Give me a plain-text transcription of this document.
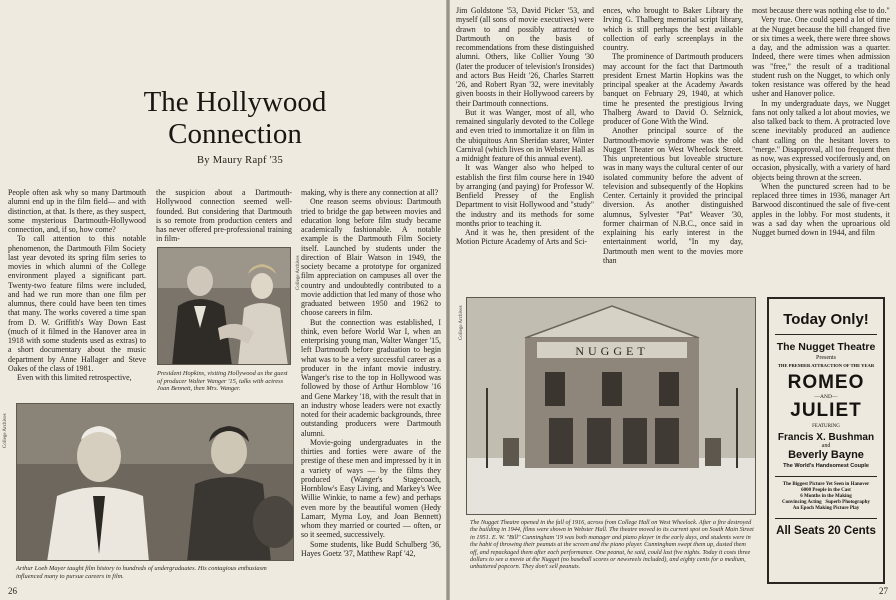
The Hollywood Connection
By Maury Rapf '35

People often ask why so many Dartmouth alumni end up in the film field— and with distinction, at that. Is there, as they suspect, some mysterious Dartmouth-Hollywood connection, and, if so, how come?

To call attention to this notable phenomenon, the Dartmouth Film Society last year devoted its spring film series to movies in which alumni of the College environment played a significant part. Twenty-two feature films were included, and had we run more than one film per alumnus, there could have been ten times that many. The works covered a time span from D. W. Griffith's Way Down East (much of it filmed in the Hanover area in 1918 with some students used as extras) to a short documentary about the music department by Anne Hallager and Steve Oakes of the class of 1981.

Even with this limited retrospective,

the suspicion about a Dartmouth-Hollywood connection seemed well-founded. But considering that Dartmouth is so remote from production centers and has never offered pre-professional training in film-

College Archives
President Hopkins, visiting Hollywood as the guest of producer Walter Wanger '15, talks with actress Joan Bennett, then Mrs. Wanger.

making, why is there any connection at all?

One reason seems obvious: Dartmouth tried to bridge the gap between movies and education long before film study became academically fashionable. A notable example is the Dartmouth Film Society itself. Launched by students under the direction of Blair Watson in 1949, the society became a prototype for organized film appreciation on campuses all over the country and undoubtedly contributed to a movie addiction that led many of those who graduated between 1950 and 1962 to choose careers in film.

But the connection was established, I think, even before World War I, when an enterprising young man, Walter Wanger '15, left Dartmouth before graduation to begin what was to be a very successful career as a producer in the infant movie industry. Wanger's rise to the top in Hollywood was followed by those of Arthur Hornblow '16 and Gene Markey '18, with the result that in an industry whose leaders were not exactly noted for their academic backgrounds, three outstanding producers were Dartmouth alumni.

Movie-going undergraduates in the thirties and forties were aware of the prestige of these men and impressed by it in a variety of ways — by the films they produced (Wanger's Stagecoach, Hornblow's Easy Living, and Markey's Wee Willie Winkie, to name a few) and perhaps even more by the beautiful women (Hedy Lamarr, Myrna Loy, and Joan Bennett) whom they married or courted — often, or so it seemed, successively.

Some students, like Budd Schulberg '36, Hayes Goetz '37, Matthew Rapf '42,

College Archives
Arthur Loeb Mayer taught film history to hundreds of undergraduates. His contagious enthusiasm influenced many to pursue careers in film.
26

Jim Goldstone '53, David Picker '53, and myself (all sons of movie executives) were drawn to and possibly attracted to Dartmouth on the basis of recommendations from these distinguished alumni. Others, like Collier Young '30 (later the producer of television's Ironsides) and actors Bus Heidt '26, Charles Starrett '26, and Robert Ryan '32, were inevitably given boosts in their Hollywood careers by their Dartmouth connections.

But it was Wanger, most of all, who remained singularly devoted to the College and even tried to immortalize it on film in the ubiquitous Ann Sheridan starer, Winter Carnival (which lives on in Webster Hall as a midnight feature of this annual event).

It was Wanger also who helped to establish the first film course here in 1940 by arranging (and paying) for Professor W. Benfield Pressey of the English Department to visit Hollywood and "study" the industry and its methods for some months prior to teaching it.

And it was he, then president of the Motion Picture Academy of Arts and Sci-

ences, who brought to Baker Library the Irving G. Thalberg memorial script library, which is still perhaps the best available collection of early screenplays in the country.

The prominence of Dartmouth producers may account for the fact that Dartmouth president Ernest Martin Hopkins was the principal speaker at the Academy Awards banquet on February 29, 1940, at which time he presented the prestigious Irving Thalberg Award to David O. Selznick, producer of Gone With the Wind.

Another principal source of the Dartmouth-movie syndrome was the old Nugget Theater on West Wheelock Street. This unpretentious but loveable structure was in many ways the cultural center of our isolated community before the advent of television and subsequently of the Hopkins Center. Certainly it provided the principal diversion. As another distinguished alumnus, Sylvester "Pat" Weaver '30, former chairman of N.B.C., once said in explaining his early interest in the entertainment world, "In my day, Dartmouth men went to the movies more than

most because there was nothing else to do."

Very true. One could spend a lot of time at the Nugget because the bill changed five or six times a week, there were three shows a day, and the admission was a quarter. Indeed, there were times when admission was "free," the result of a traditional student rush on the Nugget, to which only token resistance was offered by the head usher and Hanover police.

In my undergraduate days, we Nugget fans not only talked a lot about movies, we also talked back to them. A protracted love scene inevitably produced an audience chant calling on the hesitant lovers to "merge." Disapproval, all too frequent then as now, was expressed vociferously and, on occasion, physically, with a variety of hard objects being thrown at the screen.

When the punctured screen had to be replaced three times in 1936, manager Art Barwood discontinued the sale of five-cent apples in the lobby. For most students, it was a sad day when the uproarious old Nugget burned down in 1944, and film

NUGGET
College Archives
The Nugget Theatre opened in the fall of 1916, across from College Hall on West Wheelock. After a fire destroyed the building in 1944, films were shown in Webster Hall. The theatre moved to its current spot on South Main Street in 1951. E. W. "Bill" Cunningham '19 was both manager and piano player in the early days, and students were in the habit of throwing their peanuts at the screen and the piano player. Cunningham swept them up, dusted them off, and repackaged them after each performance. One peanut, he said, could last five nights. Today it costs three dollars to see a movie at the Nugget (no baseball scores or newsreels included), and eighty cents for a medium, unbuttered popcorn. They don't sell peanuts.
Today Only!
The Nugget Theatre
Presents
THE PREMIER ATTRACTION OF THE YEAR
ROMEO
—AND—
JULIET
FEATURING
Francis X. Bushman
and
Beverly Bayne
The World's Handsomest Couple
The Biggest Picture Yet Seen in Hanover
6000 People in the Cast
6 Months in the Making
Convincing Acting Superb Photography
An Epoch Making Picture Play
All Seats 20 Cents
27
